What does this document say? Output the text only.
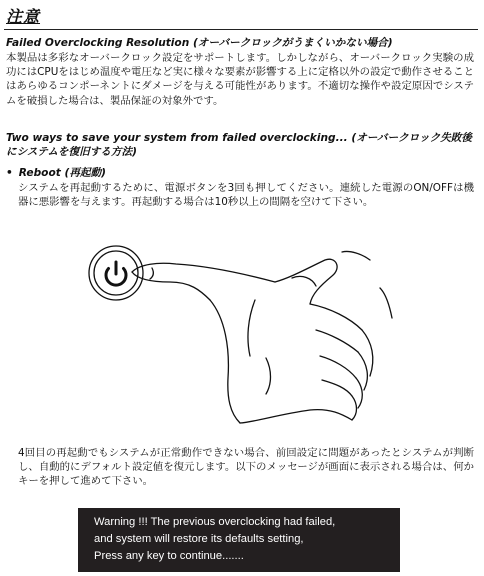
注意
Failed Overclocking Resolution (オーバークロックがうまくいかない場合)
本製品は多彩なオーバークロック設定をサポートします。しかしながら、オーバークロック実験の成功にはCPUをはじめ温度や電圧など実に様々な要素が影響する上に定格以外の設定で動作させることはあらゆるコンポーネントにダメージを与える可能性があります。不適切な操作や設定原因でシステムを破損した場合は、製品保証の対象外です。
Two ways to save your system from failed overclocking... (オーバークロック失敗後にシステムを復旧する方法)
• Reboot (再起動)
システムを再起動するために、電源ボタンを3回も押してください。連続した電源のON/OFFは機器に悪影響を与えます。再起動する場合は10秒以上の間隔を空けて下さい。
4回目の再起動でもシステムが正常動作できない場合、前回設定に問題があったとシステムが判断し、自動的にデフォルト設定値を復元します。以下のメッセージが画面に表示される場合は、何かキーを押して進めて下さい。
Warning !!! The previous overclocking had failed,
and system will restore its defaults setting,
Press any key to continue.......
